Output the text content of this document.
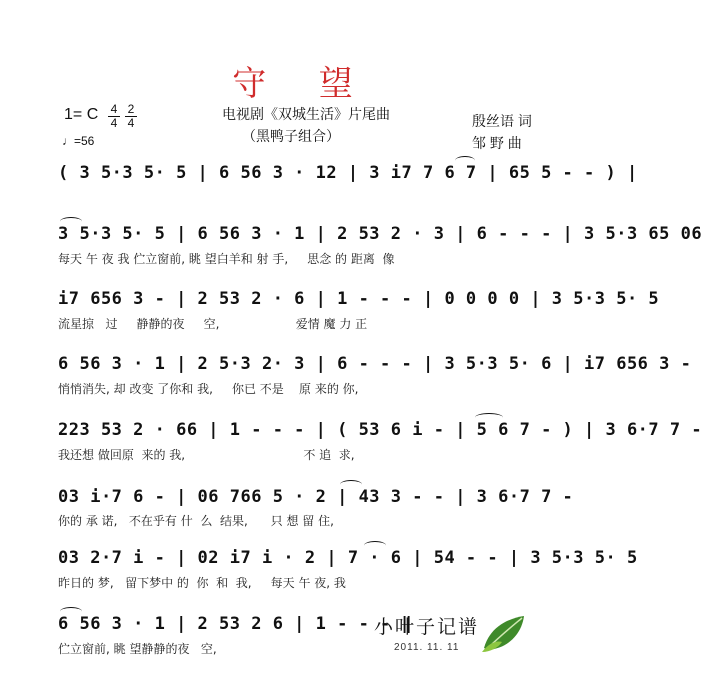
守 望
电视剧《双城生活》片尾曲
（黑鸭子组合）
殷丝语 词
邹 野 曲
1= C $\frac{4}{4} \frac{2}{4}$
♩=56
( 3 5·3 5· 5 | 6 56 3 · 12 | 3 i7 7 6 7 | 65 5 - - ) |
3 5·3 5· 5 | 6 56 3 · 1 | 2 53 2 · 3 | 6 - - - | 3 5·3 65 06
每天 午 夜 我 伫立窗前, 眺 望白羊和 射 手,     思念 的 距离  像
i7 656 3 - | 2 53 2 · 6 | 1 - - - | 0 0 0 0 | 3 5·3 5· 5
流星掠   过     静静的夜     空,                    爱情 魔 力 正
6 56 3 · 1 | 2 5·3 2· 3 | 6 - - - | 3 5·3 5· 6 | i7 656 3 -
悄悄消失, 却 改变 了你和 我,     你已 不是    原 来的 你,
223 53 2 · 66 | 1 - - - | ( 53 6 i - | 5 6 7 - ) | 3 6·7 7 -
我还想 做回原  来的 我,                               不 追  求,
03 i·7 6 - | 06 766 5 · 2 | 43 3 - - | 3 6·7 7 -
你的 承 诺,   不在乎有 什  么  结果,      只 想 留 住,
03 2·7 i - | 02 i7 i · 2 | 7 · 6 | 54 - - | 3 5·3 5· 5
昨日的 梦,   留下梦中 的  你  和  我,     每天 午 夜, 我
6 56 3 · 1 | 2 53 2 6 | 1 - - - ‖
伫立窗前, 眺 望静静的夜   空,
小叶子记谱
2011. 11. 11
